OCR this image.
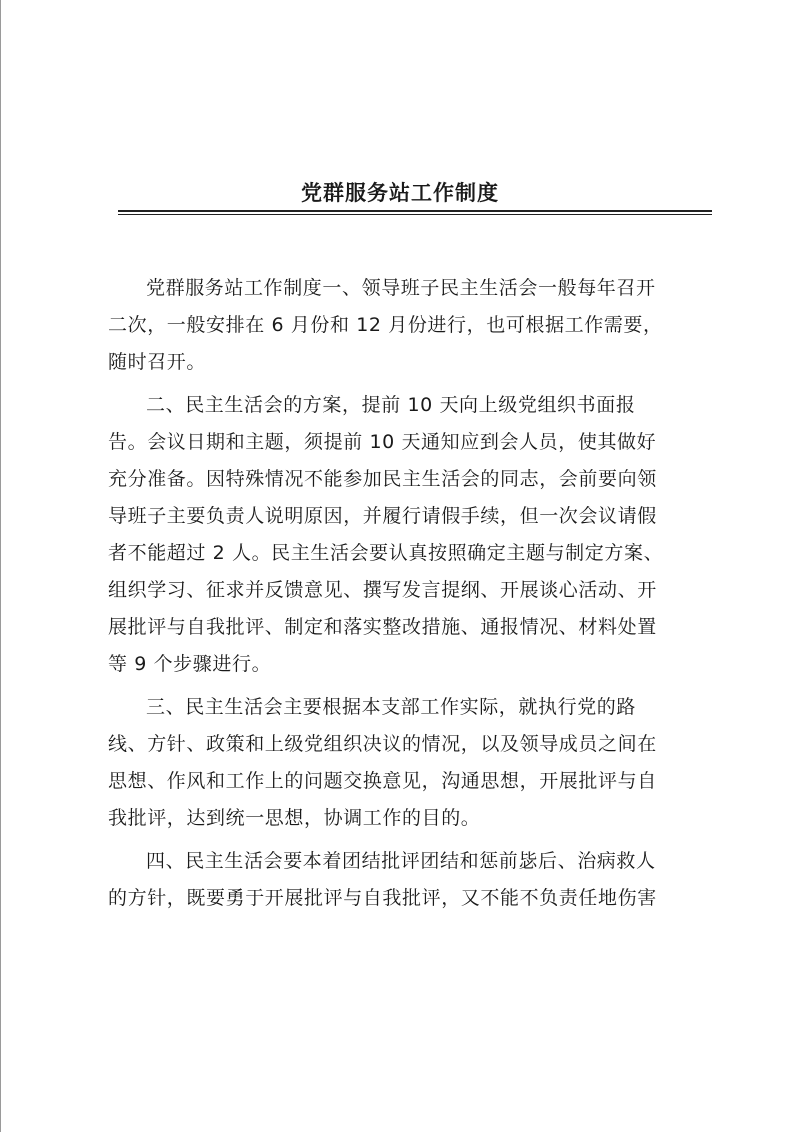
党群服务站工作制度
党群服务站工作制度一、领导班子民主生活会一般每年召开
二次，一般安排在 6 月份和 12 月份进行，也可根据工作需要，
随时召开。
二、民主生活会的方案，提前 10 天向上级党组织书面报
告。会议日期和主题，须提前 10 天通知应到会人员，使其做好
充分准备。因特殊情况不能参加民主生活会的同志，会前要向领
导班子主要负责人说明原因，并履行请假手续，但一次会议请假
者不能超过 2 人。民主生活会要认真按照确定主题与制定方案、
组织学习、征求并反馈意见、撰写发言提纲、开展谈心活动、开
展批评与自我批评、制定和落实整改措施、通报情况、材料处置
等 9 个步骤进行。
三、民主生活会主要根据本支部工作实际，就执行党的路
线、方针、政策和上级党组织决议的情况，以及领导成员之间在
思想、作风和工作上的问题交换意见，沟通思想，开展批评与自
我批评，达到统一思想，协调工作的目的。
四、民主生活会要本着团结批评团结和惩前毖后、治病救人
的方针，既要勇于开展批评与自我批评，又不能不负责任地伤害
